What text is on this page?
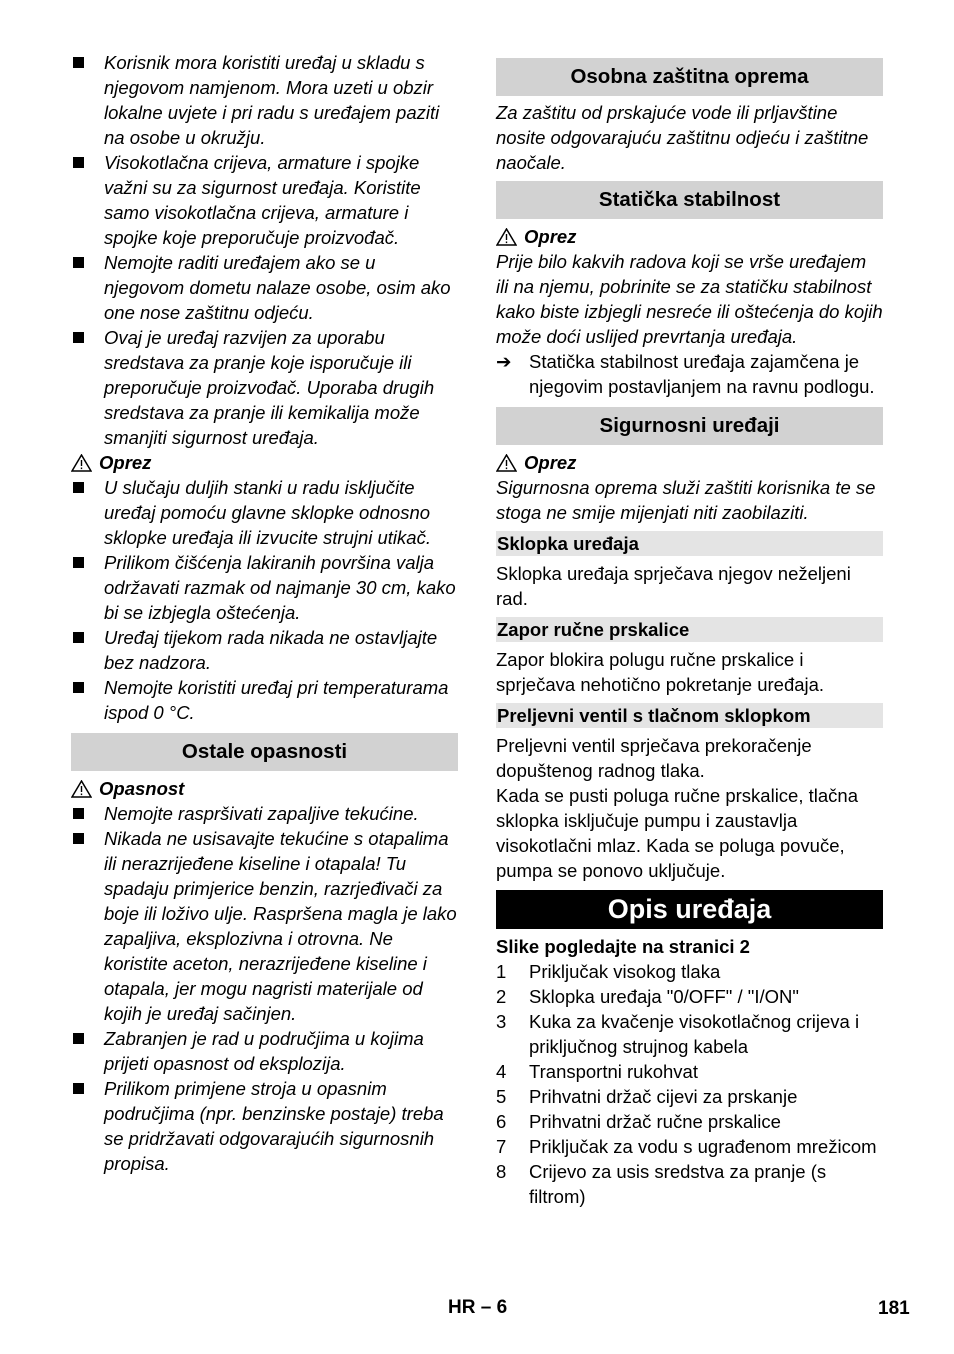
Korisnik mora koristiti uređaj u skladu s njegovom namjenom. Mora uzeti u obzir lokalne uvjete i pri radu s uređajem paziti na osobe u okružju.
Visokotlačna crijeva, armature i spojke važni su za sigurnost uređaja. Koristite samo visokotlačna crijeva, armature i spojke koje preporučuje proizvođač.
Nemojte raditi uređajem ako se u njegovom dometu nalaze osobe, osim ako one nose zaštitnu odjeću.
Ovaj je uređaj razvijen za uporabu sredstava za pranje koje isporučuje ili preporučuje proizvođač. Uporaba drugih sredstava za pranje ili kemikalija može smanjiti sigurnost uređaja.
Oprez
U slučaju duljih stanki u radu isključite uređaj pomoću glavne sklopke odnosno sklopke uređaja ili izvucite strujni utikač.
Prilikom čišćenja lakiranih površina valja održavati razmak od najmanje 30 cm, kako bi se izbjegla oštećenja.
Uređaj tijekom rada nikada ne ostavljajte bez nadzora.
Nemojte koristiti uređaj pri temperaturama ispod 0 °C.
Ostale opasnosti
Opasnost
Nemojte raspršivati zapaljive tekućine.
Nikada ne usisavajte tekućine s otapalima ili nerazrijeđene kiseline i otapala! Tu spadaju primjerice benzin, razrjeđivači za boje ili loživo ulje. Raspršena magla je lako zapaljiva, eksplozivna i otrovna. Ne koristite aceton, nerazrijeđene kiseline i otapala, jer mogu nagristi materijale od kojih je uređaj sačinjen.
Zabranjen je rad u područjima u kojima prijeti opasnost od eksplozija.
Prilikom primjene stroja u opasnim područjima (npr. benzinske postaje) treba se pridržavati odgovarajućih sigurnosnih propisa.
Osobna zaštitna oprema

Za zaštitu od prskajuće vode ili prljavštine nosite odgovarajuću zaštitnu odjeću i zaštitne naočale.

Statička stabilnost
Oprez

Prije bilo kakvih radova koji se vrše uređajem ili na njemu, pobrinite se za statičku stabilnost kako biste izbjegli nesreće ili oštećenja do kojih može doći uslijed prevrtanja uređaja.

➔ Statička stabilnost uređaja zajamčena je njegovim postavljanjem na ravnu podlogu.
Sigurnosni uređaji
Oprez

Sigurnosna oprema služi zaštiti korisnika te se stoga ne smije mijenjati niti zaobilaziti.

Sklopka uređaja

Sklopka uređaja sprječava njegov neželjeni rad.

Zapor ručne prskalice

Zapor blokira polugu ručne prskalice i sprječava nehotično pokretanje uređaja.

Preljevni ventil s tlačnom sklopkom

Preljevni ventil sprječava prekoračenje dopuštenog radnog tlaka.

Kada se pusti poluga ručne prskalice, tlačna sklopka isključuje pumpu i zaustavlja visokotlačni mlaz. Kada se poluga povuče, pumpa se ponovo uključuje.

Opis uređaja

Slike pogledajte na stranici 2

1	Priključak visokog tlaka
2	Sklopka uređaja "0/OFF" / "I/ON"
3	Kuka za kvačenje visokotlačnog crijeva i priključnog strujnog kabela
4	Transportni rukohvat
5	Prihvatni držač cijevi za prskanje
6	Prihvatni držač ručne prskalice
7	Priključak za vodu s ugrađenom mrežicom
8	Crijevo za usis sredstva za pranje (s filtrom)
HR – 6	181
